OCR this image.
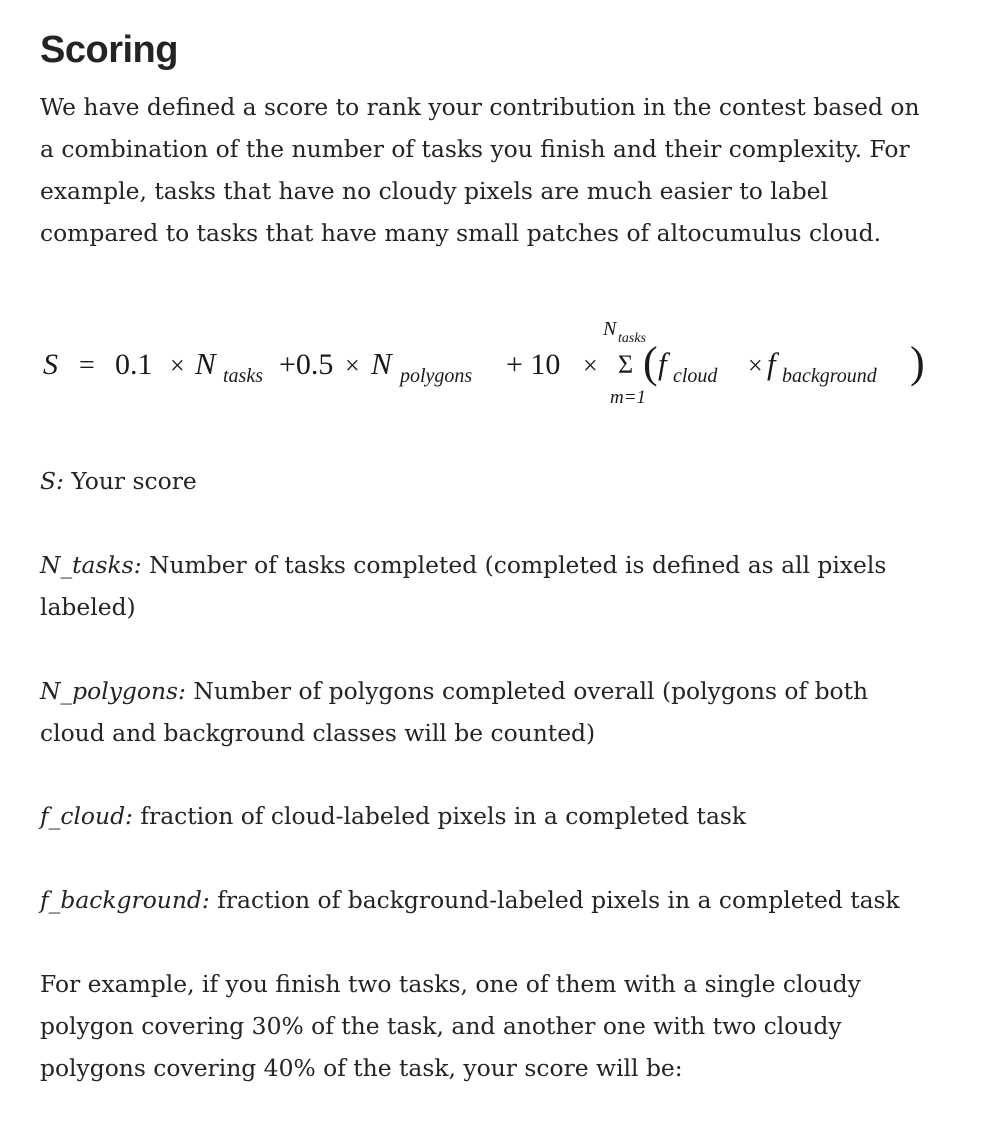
Scoring

We have defined a score to rank your contribution in the contest based on a combination of the number of tasks you finish and their complexity. For example, tasks that have no cloudy pixels are much easier to label compared to tasks that have many small patches of altocumulus cloud.

S = 0.1 × N tasks +0.5 × N polygons + 10 ×
N tasks
Σ
m=1
( f cloud × f background )

S: Your score

N_tasks: Number of tasks completed (completed is defined as all pixels labeled)

N_polygons: Number of polygons completed overall (polygons of both cloud and background classes will be counted)

f_cloud: fraction of cloud-labeled pixels in a completed task

f_background: fraction of background-labeled pixels in a completed task

For example, if you finish two tasks, one of them with a single cloudy polygon covering 30% of the task, and another one with two cloudy polygons covering 40% of the task, your score will be:
